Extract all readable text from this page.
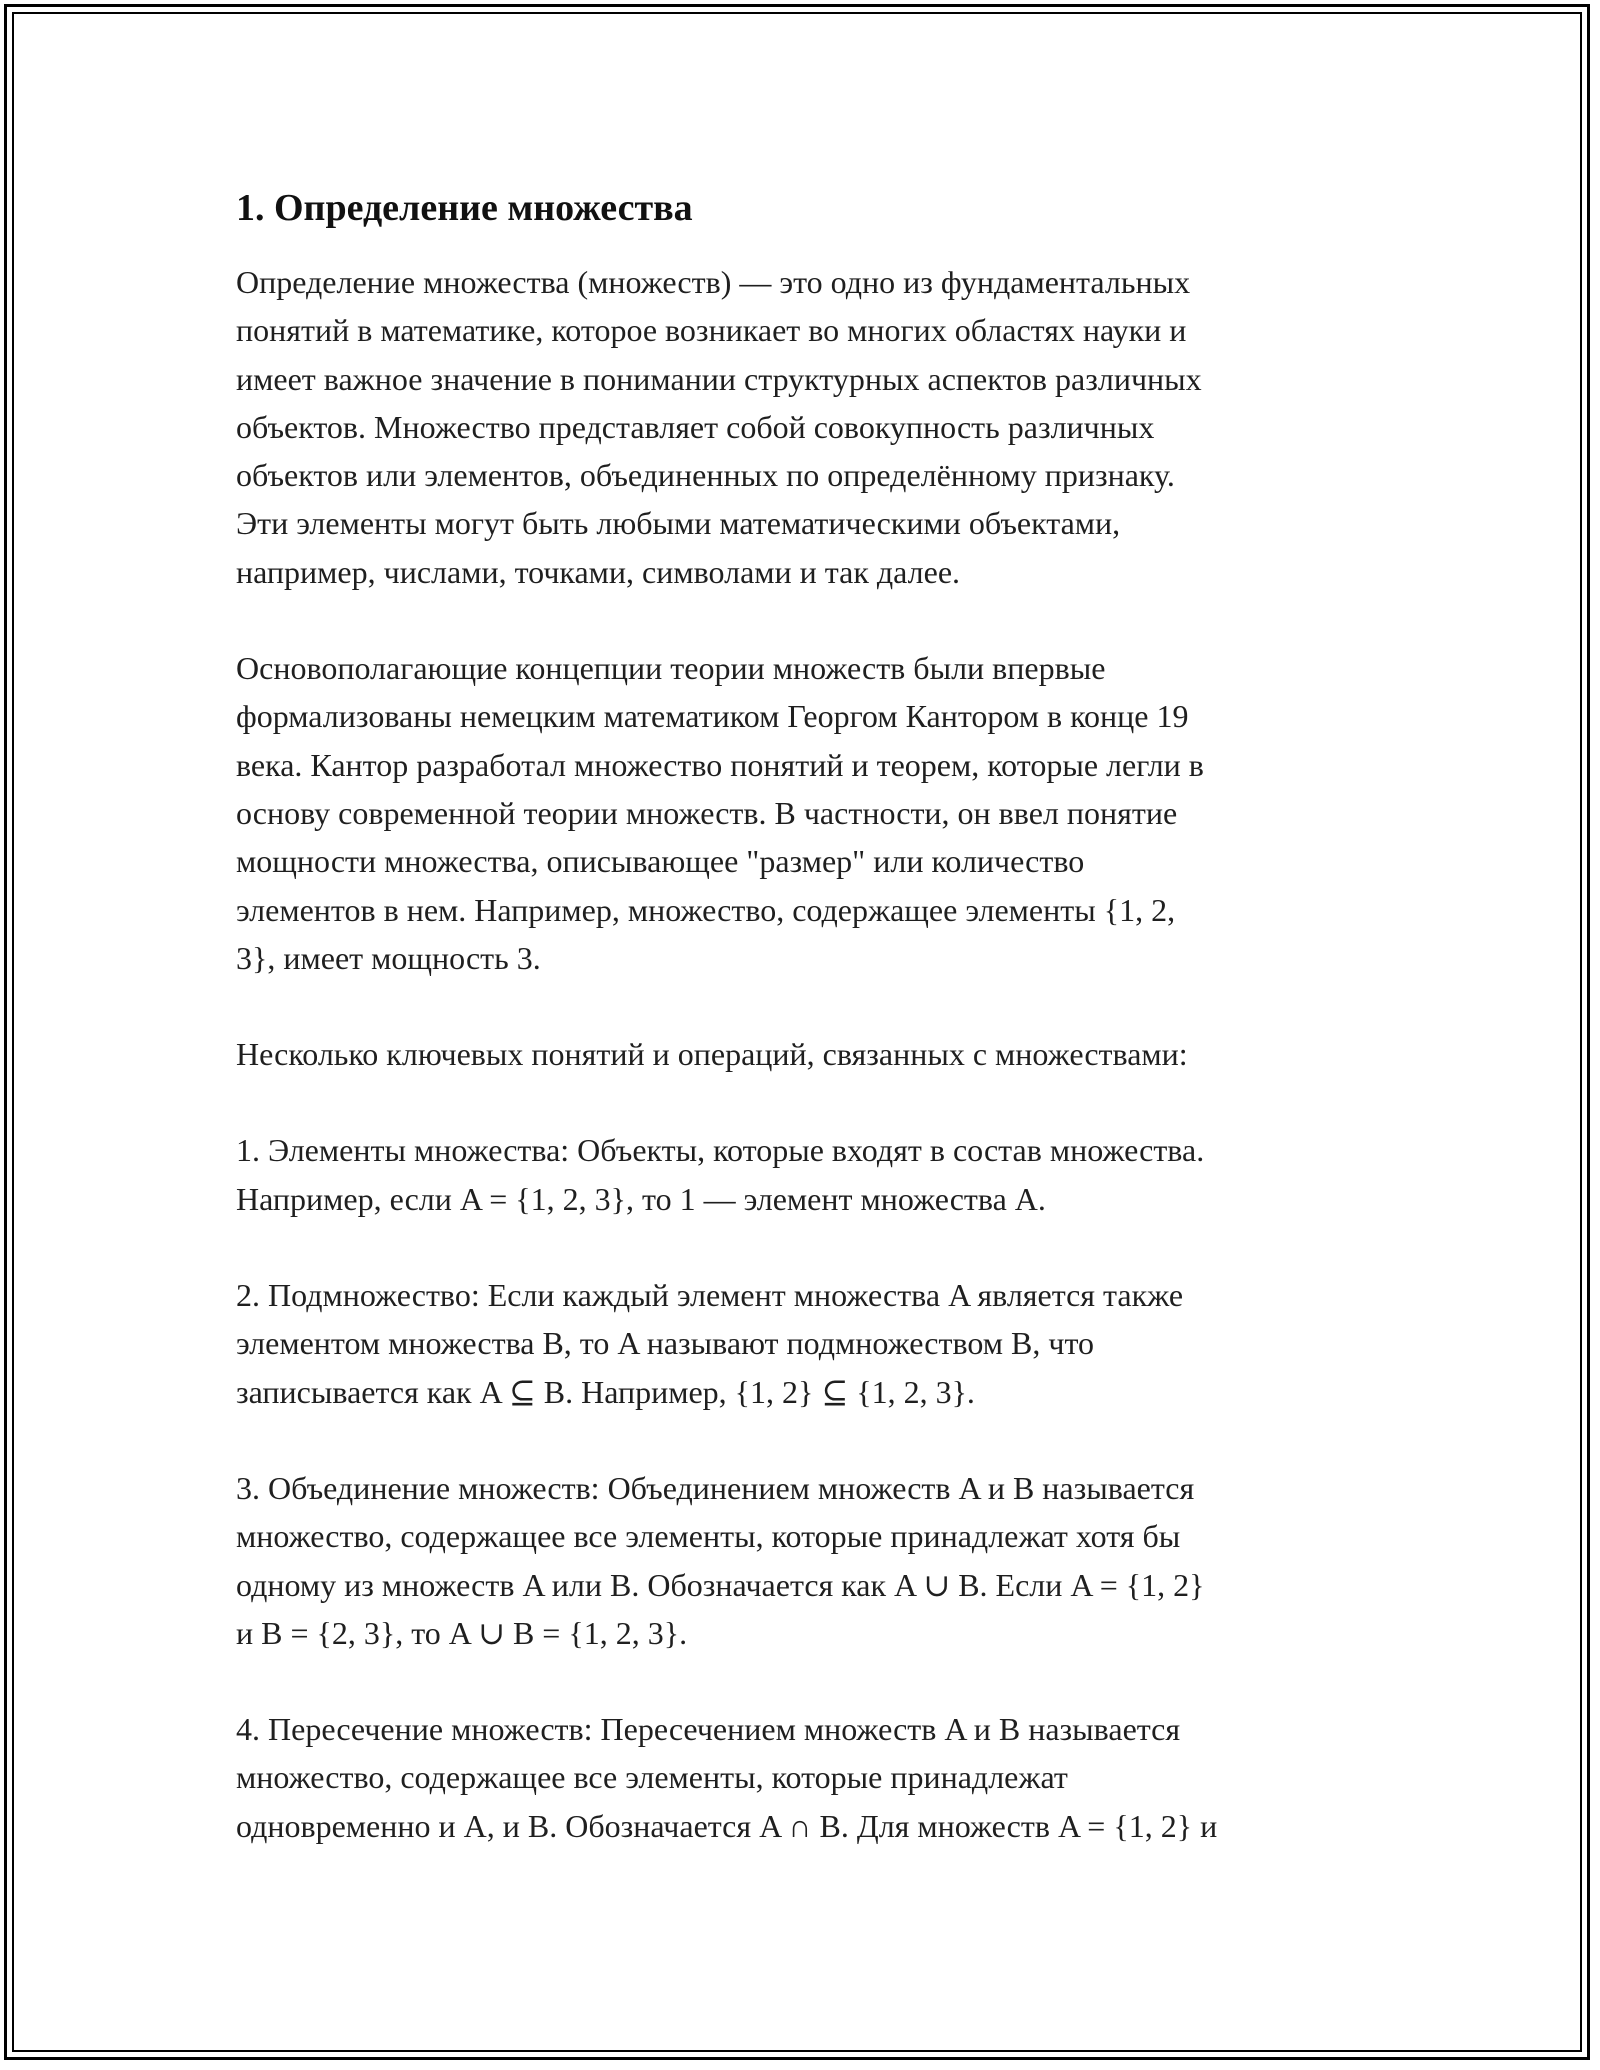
1. Определение множества

Определение множества (множеств) — это одно из фундаментальных
понятий в математике, которое возникает во многих областях науки и
имеет важное значение в понимании структурных аспектов различных
объектов. Множество представляет собой совокупность различных
объектов или элементов, объединенных по определённому признаку.
Эти элементы могут быть любыми математическими объектами,
например, числами, точками, символами и так далее.

Основополагающие концепции теории множеств были впервые
формализованы немецким математиком Георгом Кантором в конце 19
века. Кантор разработал множество понятий и теорем, которые легли в
основу современной теории множеств. В частности, он ввел понятие
мощности множества, описывающее "размер" или количество
элементов в нем. Например, множество, содержащее элементы {1, 2,
3}, имеет мощность 3.

Несколько ключевых понятий и операций, связанных с множествами:

1. Элементы множества: Объекты, которые входят в состав множества.
Например, если A = {1, 2, 3}, то 1 — элемент множества A.

2. Подмножество: Если каждый элемент множества A является также
элементом множества B, то A называют подмножеством B, что
записывается как A ⊆ B. Например, {1, 2} ⊆ {1, 2, 3}.

3. Объединение множеств: Объединением множеств A и B называется
множество, содержащее все элементы, которые принадлежат хотя бы
одному из множеств A или B. Обозначается как A ∪ B. Если A = {1, 2}
и B = {2, 3}, то A ∪ B = {1, 2, 3}.

4. Пересечение множеств: Пересечением множеств A и B называется
множество, содержащее все элементы, которые принадлежат
одновременно и A, и B. Обозначается A ∩ B. Для множеств A = {1, 2} и
